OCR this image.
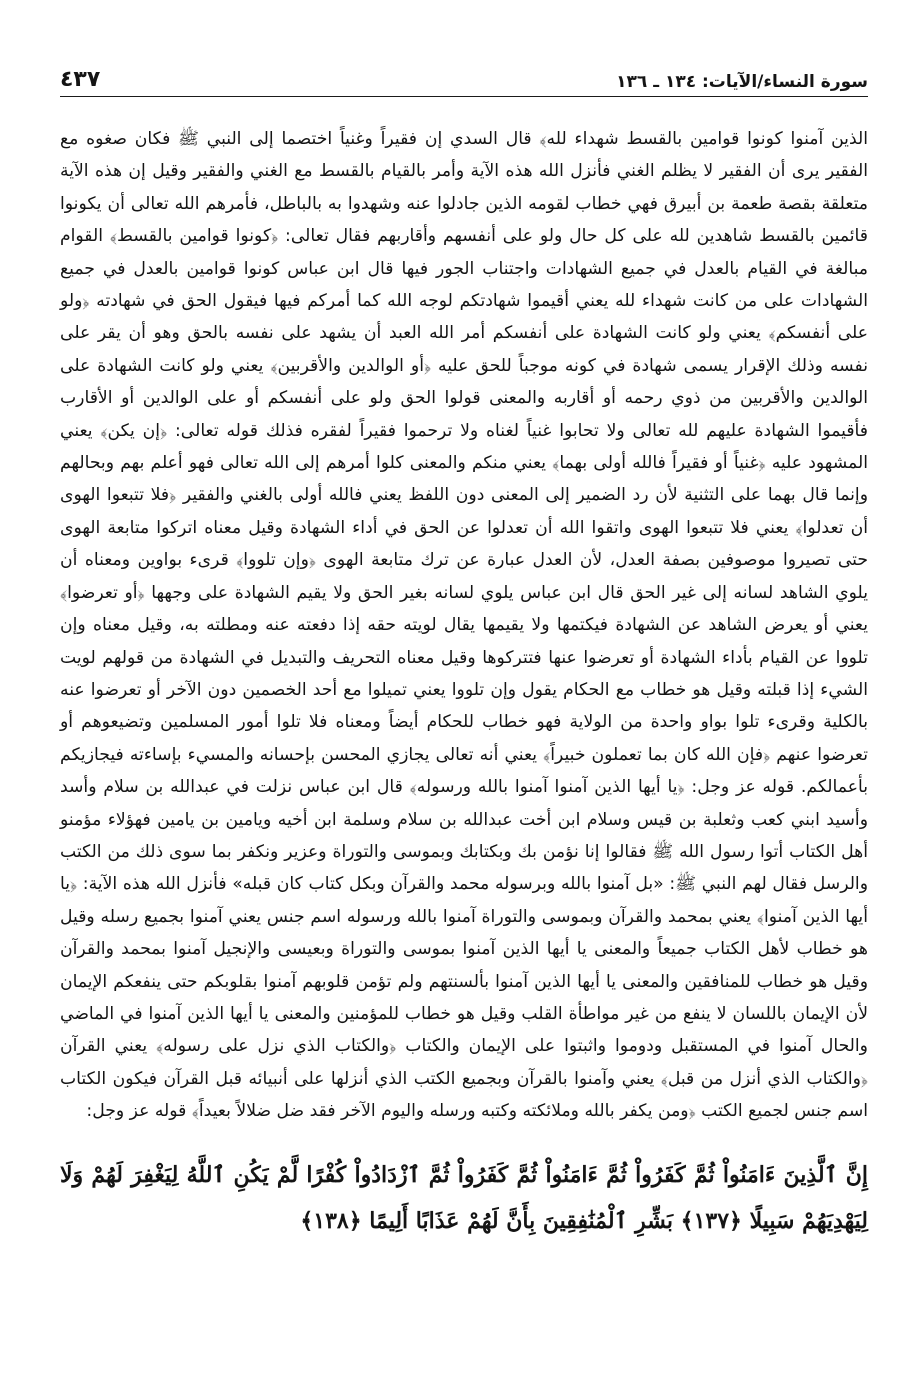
سورة النساء/الآيات: ١٣٤ ـ ١٣٦
٤٣٧

الذين آمنوا كونوا قوامين بالقسط شهداء لله﴾ قال السدي إن فقيراً وغنياً اختصما إلى النبي ﷺ فكان صغوه مع الفقير يرى أن الفقير لا يظلم الغني فأنزل الله هذه الآية وأمر بالقيام بالقسط مع الغني والفقير وقيل إن هذه الآية متعلقة بقصة طعمة بن أبيرق فهي خطاب لقومه الذين جادلوا عنه وشهدوا به بالباطل، فأمرهم الله تعالى أن يكونوا قائمين بالقسط شاهدين لله على كل حال ولو على أنفسهم وأقاربهم فقال تعالى: ﴿كونوا قوامين بالقسط﴾ القوام مبالغة في القيام بالعدل في جميع الشهادات واجتناب الجور فيها قال ابن عباس كونوا قوامين بالعدل في جميع الشهادات على من كانت شهداء لله يعني أقيموا شهادتكم لوجه الله كما أمركم فيها فيقول الحق في شهادته ﴿ولو على أنفسكم﴾ يعني ولو كانت الشهادة على أنفسكم أمر الله العبد أن يشهد على نفسه بالحق وهو أن يقر على نفسه وذلك الإقرار يسمى شهادة في كونه موجباً للحق عليه ﴿أو الوالدين والأقربين﴾ يعني ولو كانت الشهادة على الوالدين والأقربين من ذوي رحمه أو أقاربه والمعنى قولوا الحق ولو على أنفسكم أو على الوالدين أو الأقارب فأقيموا الشهادة عليهم لله تعالى ولا تحابوا غنياً لغناه ولا ترحموا فقيراً لفقره فذلك قوله تعالى: ﴿إن يكن﴾ يعني المشهود عليه ﴿غنياً أو فقيراً فالله أولى بهما﴾ يعني منكم والمعنى كلوا أمرهم إلى الله تعالى فهو أعلم بهم وبحالهم وإنما قال بهما على التثنية لأن رد الضمير إلى المعنى دون اللفظ يعني فالله أولى بالغني والفقير ﴿فلا تتبعوا الهوى أن تعدلوا﴾ يعني فلا تتبعوا الهوى واتقوا الله أن تعدلوا عن الحق في أداء الشهادة وقيل معناه اتركوا متابعة الهوى حتى تصيروا موصوفين بصفة العدل، لأن العدل عبارة عن ترك متابعة الهوى ﴿وإن تلووا﴾ قرىء بواوين ومعناه أن يلوي الشاهد لسانه إلى غير الحق قال ابن عباس يلوي لسانه بغير الحق ولا يقيم الشهادة على وجهها ﴿أو تعرضوا﴾ يعني أو يعرض الشاهد عن الشهادة فيكتمها ولا يقيمها يقال لويته حقه إذا دفعته عنه ومطلته به، وقيل معناه وإن تلووا عن القيام بأداء الشهادة أو تعرضوا عنها فتتركوها وقيل معناه التحريف والتبديل في الشهادة من قولهم لويت الشيء إذا قبلته وقيل هو خطاب مع الحكام يقول وإن تلووا يعني تميلوا مع أحد الخصمين دون الآخر أو تعرضوا عنه بالكلية وقرىء تلوا بواو واحدة من الولاية فهو خطاب للحكام أيضاً ومعناه فلا تلوا أمور المسلمين وتضيعوهم أو تعرضوا عنهم ﴿فإن الله كان بما تعملون خبيراً﴾ يعني أنه تعالى يجازي المحسن بإحسانه والمسيء بإساءته فيجازيكم بأعمالكم. قوله عز وجل: ﴿يا أيها الذين آمنوا آمنوا بالله ورسوله﴾ قال ابن عباس نزلت في عبدالله بن سلام وأسد وأسيد ابني كعب وثعلبة بن قيس وسلام ابن أخت عبدالله بن سلام وسلمة ابن أخيه ويامين بن يامين فهؤلاء مؤمنو أهل الكتاب أتوا رسول الله ﷺ فقالوا إنا نؤمن بك وبكتابك وبموسى والتوراة وعزير ونكفر بما سوى ذلك من الكتب والرسل فقال لهم النبي ﷺ: «بل آمنوا بالله وبرسوله محمد والقرآن وبكل كتاب كان قبله» فأنزل الله هذه الآية: ﴿يا أيها الذين آمنوا﴾ يعني بمحمد والقرآن وبموسى والتوراة آمنوا بالله ورسوله اسم جنس يعني آمنوا بجميع رسله وقيل هو خطاب لأهل الكتاب جميعاً والمعنى يا أيها الذين آمنوا بموسى والتوراة وبعيسى والإنجيل آمنوا بمحمد والقرآن وقيل هو خطاب للمنافقين والمعنى يا أيها الذين آمنوا بألسنتهم ولم تؤمن قلوبهم آمنوا بقلوبكم حتى ينفعكم الإيمان لأن الإيمان باللسان لا ينفع من غير مواطأة القلب وقيل هو خطاب للمؤمنين والمعنى يا أيها الذين آمنوا في الماضي والحال آمنوا في المستقبل ودوموا واثبتوا على الإيمان والكتاب ﴿والكتاب الذي نزل على رسوله﴾ يعني القرآن ﴿والكتاب الذي أنزل من قبل﴾ يعني وآمنوا بالقرآن وبجميع الكتب الذي أنزلها على أنبيائه قبل القرآن فيكون الكتاب اسم جنس لجميع الكتب ﴿ومن يكفر بالله وملائكته وكتبه ورسله واليوم الآخر فقد ضل ضلالاً بعيداً﴾ قوله عز وجل:

إِنَّ ٱلَّذِينَ ءَامَنُواْ ثُمَّ كَفَرُواْ ثُمَّ ءَامَنُواْ ثُمَّ كَفَرُواْ ثُمَّ ٱزْدَادُواْ كُفْرًا لَّمْ يَكُنِ ٱللَّهُ لِيَغْفِرَ لَهُمْ وَلَا لِيَهْدِيَهُمْ سَبِيلًا ﴿١٣٧﴾ بَشِّرِ ٱلْمُنَٰفِقِينَ بِأَنَّ لَهُمْ عَذَابًا أَلِيمًا ﴿١٣٨﴾
